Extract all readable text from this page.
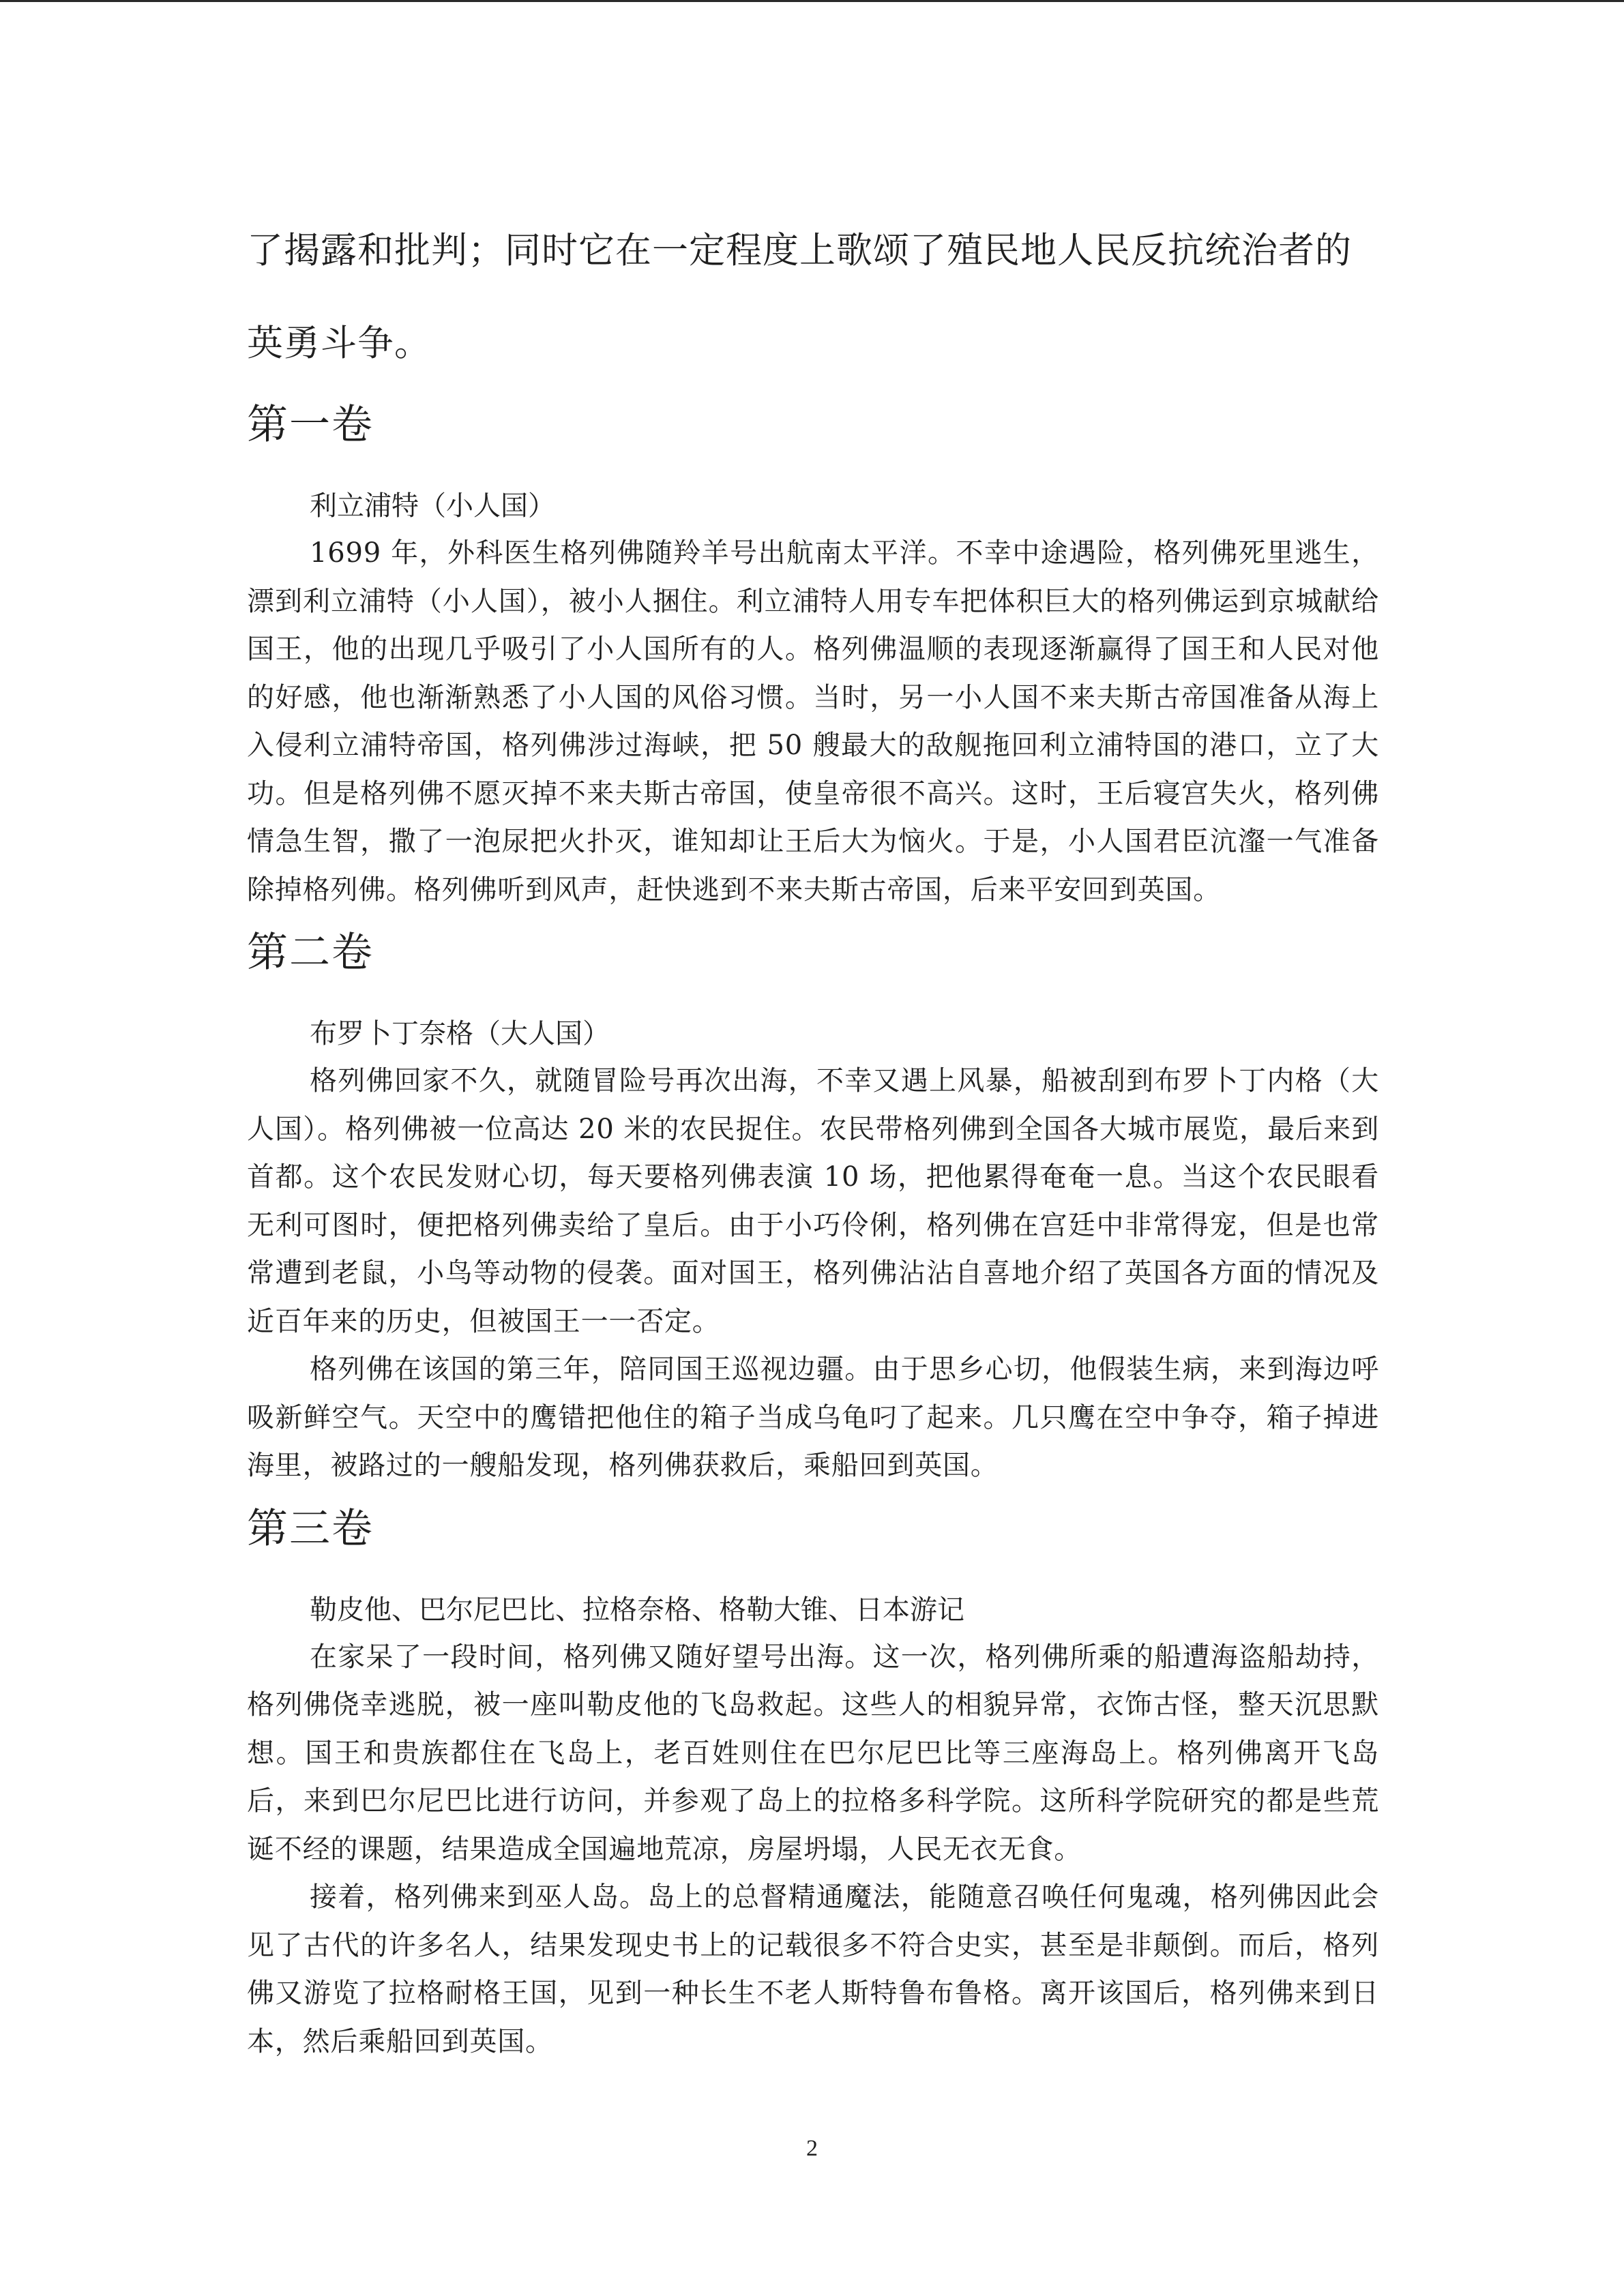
了揭露和批判；同时它在一定程度上歌颂了殖民地人民反抗统治者的英勇斗争。

第一卷

利立浦特（小人国）

1699 年，外科医生格列佛随羚羊号出航南太平洋。不幸中途遇险，格列佛死里逃生，漂到利立浦特（小人国），被小人捆住。利立浦特人用专车把体积巨大的格列佛运到京城献给国王，他的出现几乎吸引了小人国所有的人。格列佛温顺的表现逐渐赢得了国王和人民对他的好感，他也渐渐熟悉了小人国的风俗习惯。当时，另一小人国不来夫斯古帝国准备从海上入侵利立浦特帝国，格列佛涉过海峡，把 50 艘最大的敌舰拖回利立浦特国的港口，立了大功。但是格列佛不愿灭掉不来夫斯古帝国，使皇帝很不高兴。这时，王后寝宫失火，格列佛情急生智，撒了一泡尿把火扑灭，谁知却让王后大为恼火。于是，小人国君臣沆瀣一气准备除掉格列佛。格列佛听到风声，赶快逃到不来夫斯古帝国，后来平安回到英国。

第二卷

布罗卜丁奈格（大人国）

格列佛回家不久，就随冒险号再次出海，不幸又遇上风暴，船被刮到布罗卜丁内格（大人国）。格列佛被一位高达 20 米的农民捉住。农民带格列佛到全国各大城市展览，最后来到首都。这个农民发财心切，每天要格列佛表演 10 场，把他累得奄奄一息。当这个农民眼看无利可图时，便把格列佛卖给了皇后。由于小巧伶俐，格列佛在宫廷中非常得宠，但是也常常遭到老鼠，小鸟等动物的侵袭。面对国王，格列佛沾沾自喜地介绍了英国各方面的情况及近百年来的历史，但被国王一一否定。

格列佛在该国的第三年，陪同国王巡视边疆。由于思乡心切，他假装生病，来到海边呼吸新鲜空气。天空中的鹰错把他住的箱子当成乌龟叼了起来。几只鹰在空中争夺，箱子掉进海里，被路过的一艘船发现，格列佛获救后，乘船回到英国。

第三卷

勒皮他、巴尔尼巴比、拉格奈格、格勒大锥、日本游记

在家呆了一段时间，格列佛又随好望号出海。这一次，格列佛所乘的船遭海盗船劫持，格列佛侥幸逃脱，被一座叫勒皮他的飞岛救起。这些人的相貌异常，衣饰古怪，整天沉思默想。国王和贵族都住在飞岛上，老百姓则住在巴尔尼巴比等三座海岛上。格列佛离开飞岛后，来到巴尔尼巴比进行访问，并参观了岛上的拉格多科学院。这所科学院研究的都是些荒诞不经的课题，结果造成全国遍地荒凉，房屋坍塌，人民无衣无食。

接着，格列佛来到巫人岛。岛上的总督精通魔法，能随意召唤任何鬼魂，格列佛因此会见了古代的许多名人，结果发现史书上的记载很多不符合史实，甚至是非颠倒。而后，格列佛又游览了拉格耐格王国，见到一种长生不老人斯特鲁布鲁格。离开该国后，格列佛来到日本，然后乘船回到英国。

2
